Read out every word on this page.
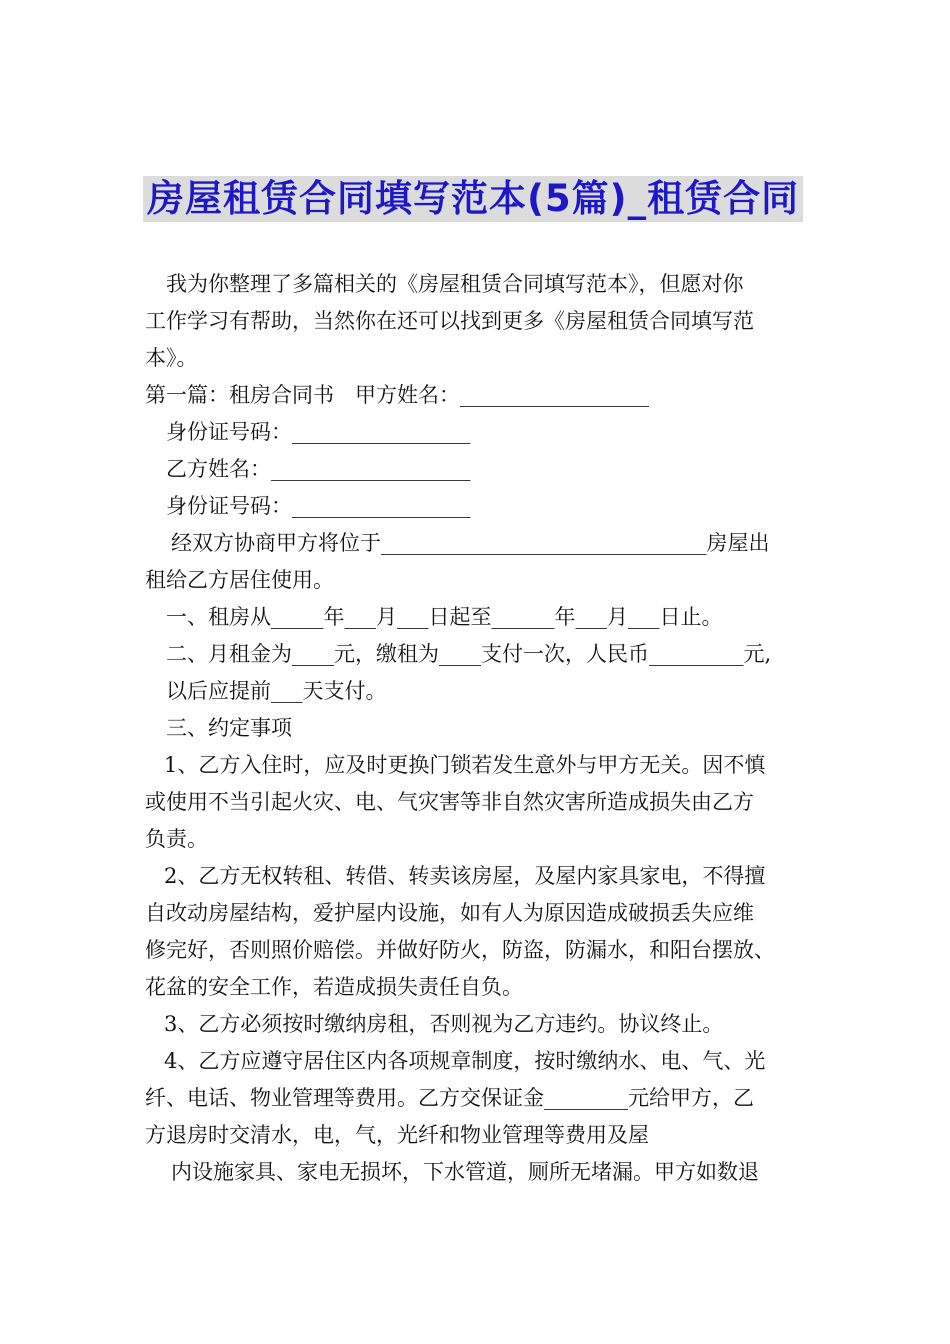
房屋租赁合同填写范本(5篇)_租赁合同

我为你整理了多篇相关的《房屋租赁合同填写范本》，但愿对你

工作学习有帮助，当然你在还可以找到更多《房屋租赁合同填写范

本》。

第一篇：租房合同书　甲方姓名：__________________

身份证号码：_________________

乙方姓名：___________________

身份证号码：_________________

经双方协商甲方将位于_______________________________房屋出

租给乙方居住使用。

一、租房从_____年___月___日起至______年___月___日止。

二、月租金为____元，缴租为____支付一次，人民币_________元,

以后应提前___天支付。

三、约定事项

1、乙方入住时，应及时更换门锁若发生意外与甲方无关。因不慎

或使用不当引起火灾、电、气灾害等非自然灾害所造成损失由乙方

负责。

2、乙方无权转租、转借、转卖该房屋，及屋内家具家电，不得擅

自改动房屋结构，爱护屋内设施，如有人为原因造成破损丢失应维

修完好，否则照价赔偿。并做好防火，防盗，防漏水，和阳台摆放、

花盆的安全工作，若造成损失责任自负。

3、乙方必须按时缴纳房租，否则视为乙方违约。协议终止。

4、乙方应遵守居住区内各项规章制度，按时缴纳水、电、气、光

纤、电话、物业管理等费用。乙方交保证金________元给甲方，乙

方退房时交清水，电，气，光纤和物业管理等费用及屋

内设施家具、家电无损坏，下水管道，厕所无堵漏。甲方如数退
